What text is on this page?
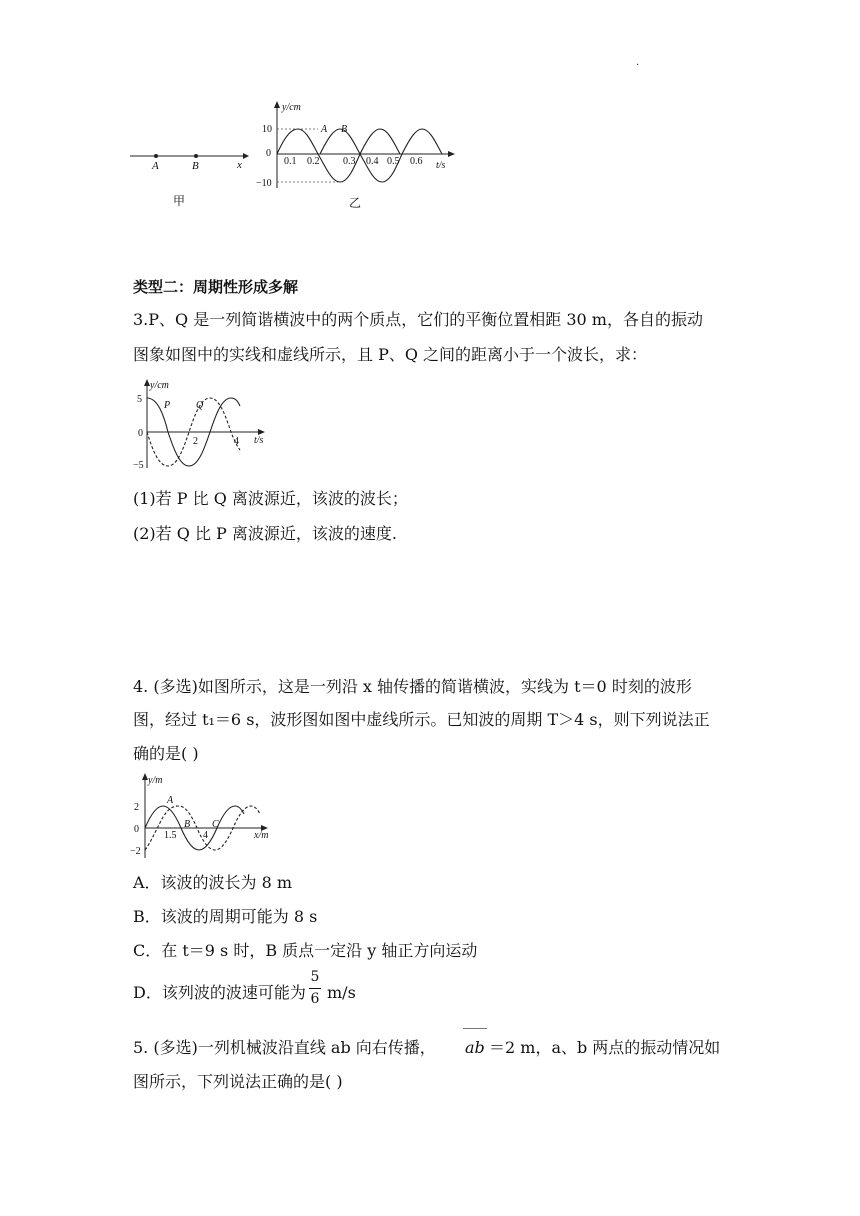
.
A	B	x
甲
y/cm
t/s
10
0
−10
0.1 0.2 0.3 0.4 0.5 0.6
A B
乙
类型二：周期性形成多解
3.P、Q 是一列简谐横波中的两个质点，它们的平衡位置相距 30 m，各自的振动
图象如图中的实线和虚线所示，且 P、Q 之间的距离小于一个波长，求：
y/cm
t/s
5
0
−5
2	4
P	Q
(1)若 P 比 Q 离波源近，该波的波长；
(2)若 Q 比 P 离波源近，该波的速度.
4. (多选)如图所示，这是一列沿 x 轴传播的简谐横波，实线为 t＝0 时刻的波形
图，经过 t₁＝6 s，波形图如图中虚线所示。已知波的周期 T＞4 s，则下列说法正
确的是( )
y/m
x/m
2
0
−2
1.5	4
A
B C
A．该波的波长为 8 m
B．该波的周期可能为 8 s
C．在 t＝9 s 时，B 质点一定沿 y 轴正方向运动
D．该列波的波速可能为
5
6 m/s
5. (多选)一列机械波沿直线 ab 向右传播， ab ＝2 m，a、b 两点的振动情况如
图所示，下列说法正确的是( )
